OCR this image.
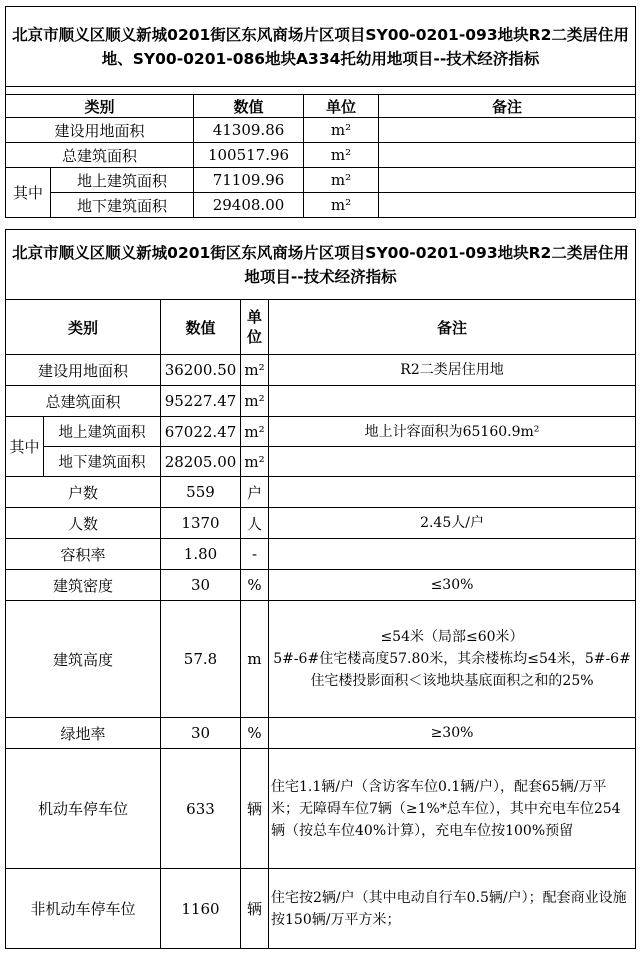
北京市顺义区顺义新城0201街区东风商场片区项目SY00-0201-093地块R2二类居住用地、SY00-0201-086地块A334托幼用地项目--技术经济指标				

类别		数值	单位	备注
建设用地面积		41309.86	m²	
总建筑面积		100517.96	m²	
其中	地上建筑面积	71109.96	m²	
	地下建筑面积	29408.00	m²	
北京市顺义区顺义新城0201街区东风商场片区项目SY00-0201-093地块R2二类居住用地项目--技术经济指标				
类别		数值	单位	备注
建设用地面积		36200.50	m²	R2二类居住用地
总建筑面积		95227.47	m²	
其中	地上建筑面积	67022.47	m²	地上计容面积为65160.9m²
	地下建筑面积	28205.00	m²	
户数		559	户	
人数		1370	人	2.45人/户
容积率		1.80	-	
建筑密度		30	%	≤30%
建筑高度		57.8	m	≤54米（局部≤60米）
5#-6#住宅楼高度57.80米，其余楼栋均≤54米，5#-6#住宅楼投影面积＜该地块基底面积之和的25%

绿地率		30	%	≥30%
机动车停车位		633	辆	住宅1.1辆/户（含访客车位0.1辆/户），配套65辆/万平米；无障碍车位7辆（≥1%*总车位），其中充电车位254辆（按总车位40%计算），充电车位按100%预留
非机动车停车位		1160	辆	住宅按2辆/户（其中电动自行车0.5辆/户）；配套商业设施按150辆/万平方米；
